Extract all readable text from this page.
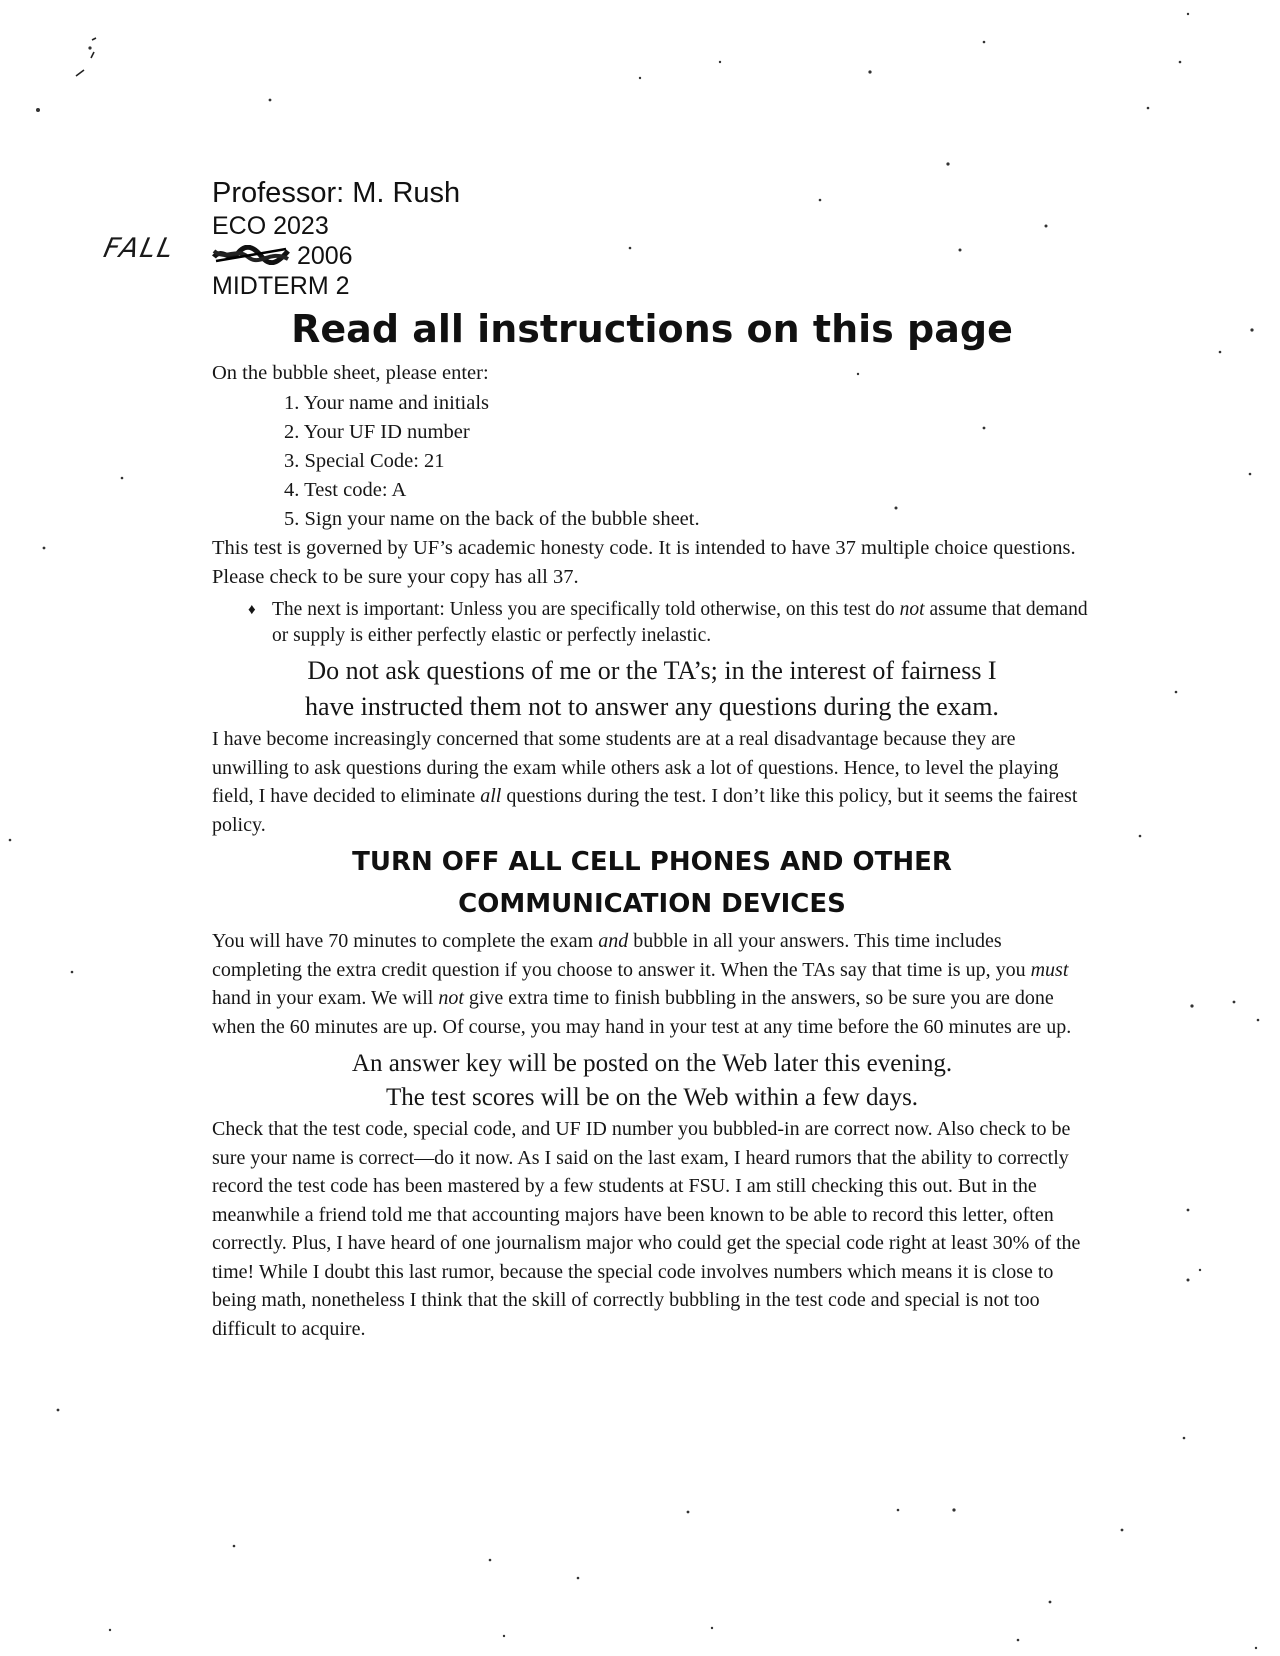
Professor: M. Rush
ECO 2023
FALL	2006
MIDTERM 2
Read all instructions on this page

On the bubble sheet, please enter:

1. Your name and initials
2. Your UF ID number
3. Special Code: 21
4. Test code: A
5. Sign your name on the back of the bubble sheet.

This test is governed by UF’s academic honesty code. It is intended to have 37 multiple choice questions. Please check to be sure your copy has all 37.

♦ The next is important: Unless you are specifically told otherwise, on this test do not assume that demand or supply is either perfectly elastic or perfectly inelastic.

Do not ask questions of me or the TA’s; in the interest of fairness I

have instructed them not to answer any questions during the exam.

I have become increasingly concerned that some students are at a real disadvantage because they are unwilling to ask questions during the exam while others ask a lot of questions. Hence, to level the playing field, I have decided to eliminate all questions during the test. I don’t like this policy, but it seems the fairest policy.

TURN OFF ALL CELL PHONES AND OTHER

COMMUNICATION DEVICES

You will have 70 minutes to complete the exam and bubble in all your answers. This time includes completing the extra credit question if you choose to answer it. When the TAs say that time is up, you must hand in your exam. We will not give extra time to finish bubbling in the answers, so be sure you are done when the 60 minutes are up. Of course, you may hand in your test at any time before the 60 minutes are up.

An answer key will be posted on the Web later this evening.

The test scores will be on the Web within a few days.

Check that the test code, special code, and UF ID number you bubbled-in are correct now. Also check to be sure your name is correct—do it now. As I said on the last exam, I heard rumors that the ability to correctly record the test code has been mastered by a few students at FSU. I am still checking this out. But in the meanwhile a friend told me that accounting majors have been known to be able to record this letter, often correctly. Plus, I have heard of one journalism major who could get the special code right at least 30% of the time! While I doubt this last rumor, because the special code involves numbers which means it is close to being math, nonetheless I think that the skill of correctly bubbling in the test code and special is not too difficult to acquire.
